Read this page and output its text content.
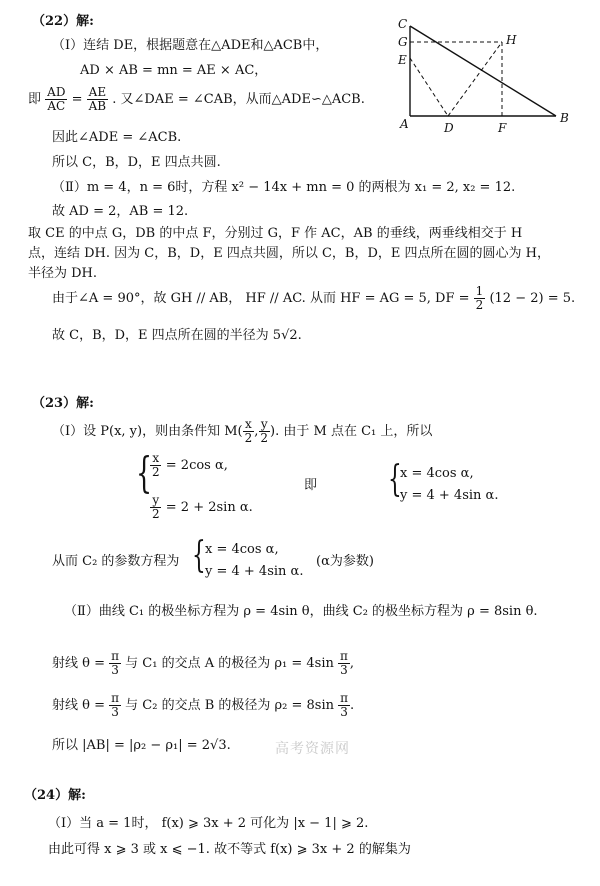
（22）解:
（Ⅰ）连结 DE，根据题意在△ADE和△ACB中，
AD × AB = mn = AE × AC，
即 $\frac{AD}{AC} = \frac{AE}{AB}$ . 又∠DAE = ∠CAB，从而△ADE∽△ACB.
因此∠ADE = ∠ACB.
所以 C，B，D，E 四点共圆.
（Ⅱ）m = 4，n = 6时，方程 x² − 14x + mn = 0 的两根为 x₁ = 2, x₂ = 12.
故 AD = 2，AB = 12.
取 CE 的中点 G，DB 的中点 F，分别过 G，F 作 AC，AB 的垂线，两垂线相交于 H
点，连结 DH. 因为 C，B，D，E 四点共圆，所以 C，B，D，E 四点所在圆的圆心为 H，
半径为 DH.
由于∠A = 90°，故 GH // AB， HF // AC. 从而 HF = AG = 5, DF = $\frac{1}{2} (12 - 2) = 5$.
故 C，B，D，E 四点所在圆的半径为 5√2.
C
G
E
H
A	D	F
B
（23）解:
（Ⅰ）设 P(x, y)，则由条件知 $M( \frac{x}{2}$ , $\frac{y}{2}$ ). 由于 M 点在 C₁ 上，所以
{
$\frac{x}{2} = 2\cos$ α,
$\frac{y}{2} = 2 + 2\sin$ α.
即 {
x = 4cos α,
y = 4 + 4sin α.
从而 C₂ 的参数方程为 { x = 4cos α,
y = 4 + 4sin α.
(α为参数)
（Ⅱ）曲线 C₁ 的极坐标方程为 ρ = 4sin θ，曲线 C₂ 的极坐标方程为 ρ = 8sin θ.
射线 $\theta = \frac{\pi}{3}$ 与 C₁ 的交点 A 的极径为 $\rho_1 = 4\sin \frac{\pi}{3}$ ,
射线 $\theta = \frac{\pi}{3}$ 与 C₂ 的交点 B 的极径为 $\rho_2 = 8\sin \frac{\pi}{3}$ .
所以 |AB| = |ρ₂ − ρ₁| = 2√3.	高考资源网
（24）解:
（Ⅰ）当 a = 1时， f(x) ⩾ 3x + 2 可化为 |x − 1| ⩾ 2.
由此可得 x ⩾ 3 或 x ⩽ −1. 故不等式 f(x) ⩾ 3x + 2 的解集为
